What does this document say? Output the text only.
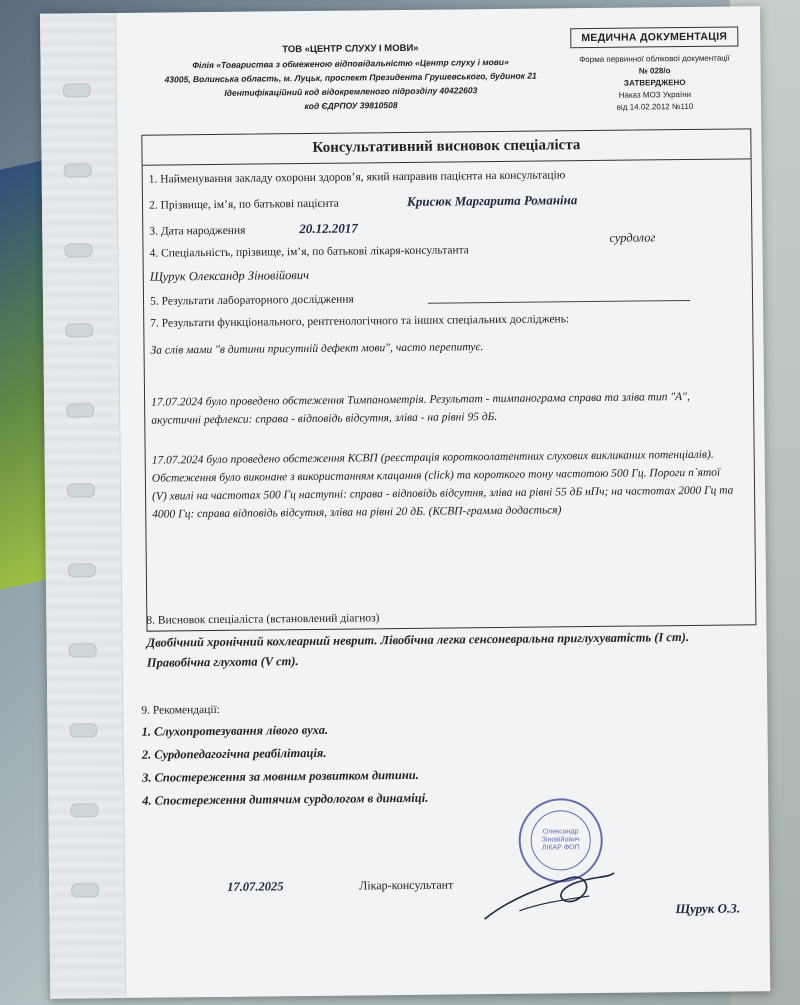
ТОВ «ЦЕНТР СЛУХУ І МОВИ»
Філія «Товариства з обмеженою відповідальністю «Центр слуху і мови»
43005, Волинська область, м. Луцьк, проспект Президента Грушевського, будинок 21
Ідентифікаційний код відокремленого підрозділу 40422603
код ЄДРПОУ 39810508
МЕДИЧНА ДОКУМЕНТАЦІЯ
Форма первинної облікової документації
№ 028/о
ЗАТВЕРДЖЕНО
Наказ МОЗ України
від 14.02.2012 №110
Консультативний висновок спеціаліста
1. Найменування закладу охорони здоров’я, який направив пацієнта на консультацію
2. Прізвище, ім’я, по батькові пацієнта	Крисюк Маргарита Романіна
3. Дата народження	20.12.2017
4. Спеціальність, прізвище, ім’я, по батькові лікаря-консультанта
сурдолог
Щурук Олександр Зіновійович
5. Результати лабораторного дослідження
7. Результати функціонального, рентгенологічного та інших спеціальних досліджень:
За слів мами "в дитини присутній дефект мови", часто перепитує.
17.07.2024 було проведено обстеження Тимпанометрія. Результат - тимпанограма справа та зліва тип "А", акустичні рефлекси: справа - відповідь відсутня, зліва - на рівні 95 дБ.
17.07.2024 було проведено обстеження КСВП (реєстрація короткоолатентних слухових викликаних потенціалів). Обстеження було виконане з використанням клацання (click) та короткого тону частотою 500 Гц. Пороги п`ятої (V) хвилі на частотах 500 Гц наступні: справа - відповідь відсутня, зліва на рівні 55 дБ нПч; на частотах 2000 Гц та 4000 Гц: справа відповідь відсутня, зліва на рівні 20 дБ. (КСВП-грамма додається)
8. Висновок спеціаліста (встановлений діагноз)
Двобічний хронічний кохлеарний неврит. Лівобічна легка сенсоневральна приглухуватість (I ст). Правобічна глухота (V ст).
9. Рекомендації:
1. Слухопротезування лівого вуха.
2. Сурдопедагогічна реабілітація.
3. Спостереження за мовним розвитком дитини.
4. Спостереження дитячим сурдологом в динаміці.
Олександр Зіновійович ЛІКАР ФОП
17.07.2025	Лікар-консультант
Щурук О.З.
